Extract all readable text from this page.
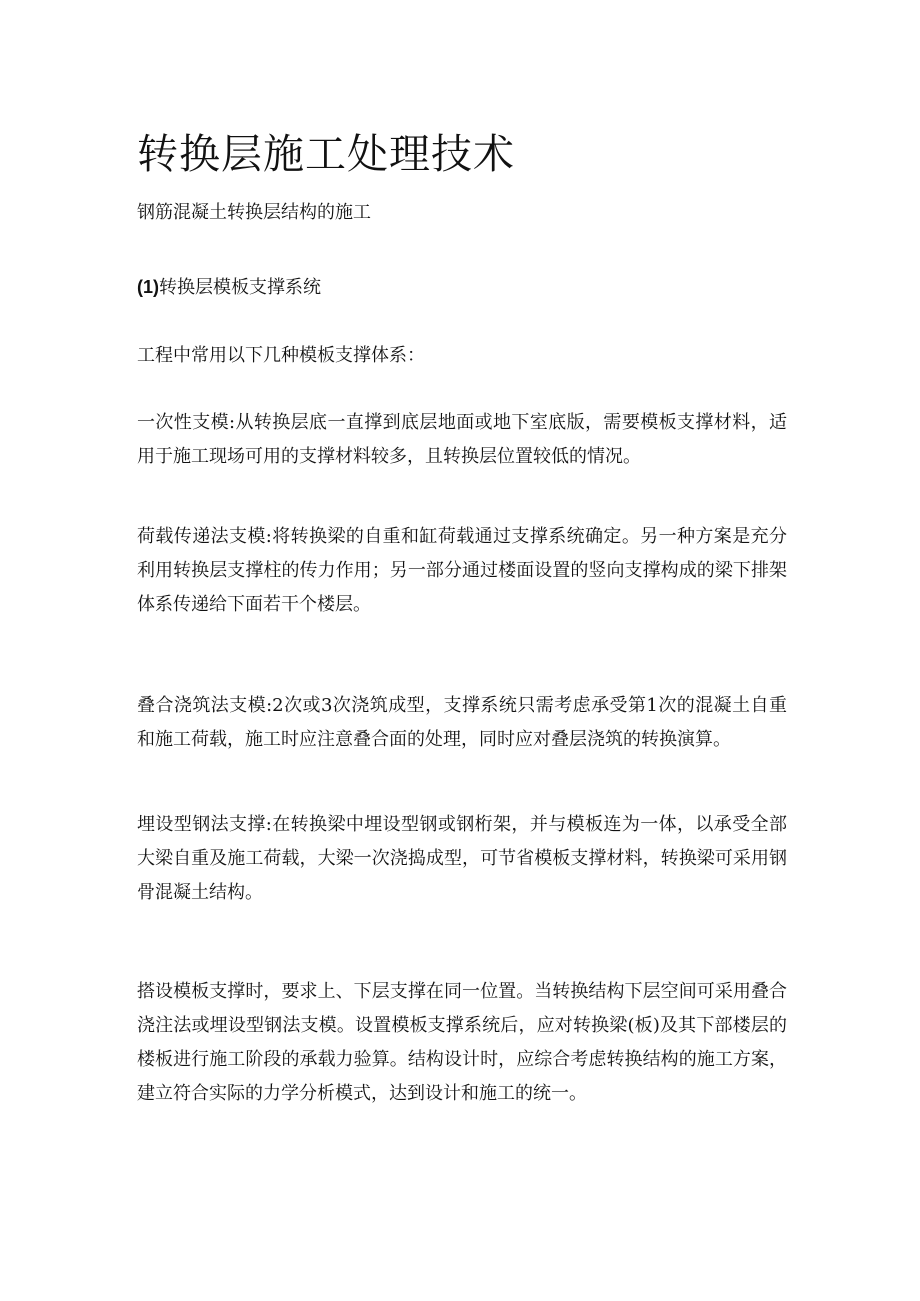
转换层施工处理技术

钢筋混凝土转换层结构的施工

(1)转换层模板支撑系统

工程中常用以下几种模板支撑体系：

一次性支模:从转换层底一直撑到底层地面或地下室底版，需要模板支撑材料，适用于施工现场可用的支撑材料较多，且转换层位置较低的情况。

荷载传递法支模:将转换梁的自重和缸荷载通过支撑系统确定。另一种方案是充分利用转换层支撑柱的传力作用；另一部分通过楼面设置的竖向支撑构成的梁下排架体系传递给下面若干个楼层。

叠合浇筑法支模:2次或3次浇筑成型，支撑系统只需考虑承受第1次的混凝土自重和施工荷载，施工时应注意叠合面的处理，同时应对叠层浇筑的转换演算。

埋设型钢法支撑:在转换梁中埋设型钢或钢桁架，并与模板连为一体，以承受全部大梁自重及施工荷载，大梁一次浇捣成型，可节省模板支撑材料，转换梁可采用钢骨混凝土结构。

搭设模板支撑时，要求上、下层支撑在同一位置。当转换结构下层空间可采用叠合浇注法或埋设型钢法支模。设置模板支撑系统后，应对转换梁(板)及其下部楼层的楼板进行施工阶段的承载力验算。结构设计时，应综合考虑转换结构的施工方案，建立符合实际的力学分析模式，达到设计和施工的统一。
